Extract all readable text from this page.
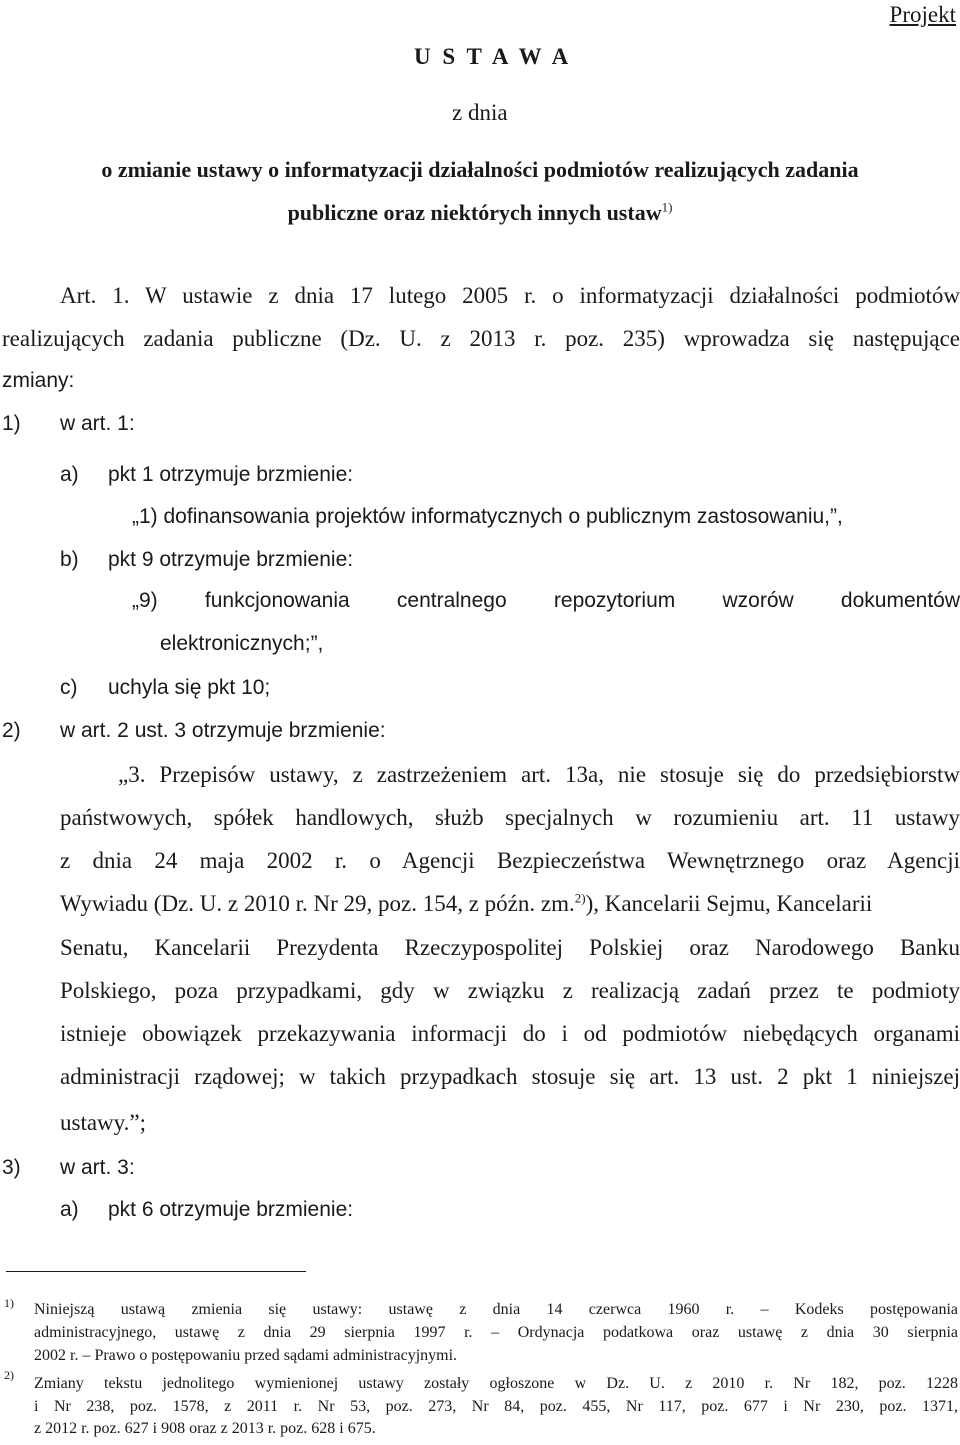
Projekt
U S T A W A
z dnia
o zmianie ustawy o informatyzacji działalności podmiotów realizujących zadania
publiczne oraz niektórych innych ustaw$^{1)}$
Art. 1. W ustawie z dnia 17 lutego 2005 r. o informatyzacji działalności podmiotów
realizujących zadania publiczne (Dz. U. z 2013 r. poz. 235) wprowadza się następujące
zmiany:
1) w art. 1:
a) pkt 1 otrzymuje brzmienie:
„1) dofinansowania projektów informatycznych o publicznym zastosowaniu,”,
b) pkt 9 otrzymuje brzmienie:
„9) funkcjonowania centralnego repozytorium wzorów dokumentów
elektronicznych;”,
c) uchyla się pkt 10;
2) w art. 2 ust. 3 otrzymuje brzmienie:
„3. Przepisów ustawy, z zastrzeżeniem art. 13a, nie stosuje się do przedsiębiorstw
państwowych, spółek handlowych, służb specjalnych w rozumieniu art. 11 ustawy
z dnia 24 maja 2002 r. o Agencji Bezpieczeństwa Wewnętrznego oraz Agencji
Wywiadu (Dz. U. z 2010 r. Nr 29, poz. 154, z późn. zm.$^{2)}$), Kancelarii Sejmu, Kancelarii
Senatu, Kancelarii Prezydenta Rzeczypospolitej Polskiej oraz Narodowego Banku
Polskiego, poza przypadkami, gdy w związku z realizacją zadań przez te podmioty
istnieje obowiązek przekazywania informacji do i od podmiotów niebędących organami
administracji rządowej; w takich przypadkach stosuje się art. 13 ust. 2 pkt 1 niniejszej
ustawy.”;
3) w art. 3:
a) pkt 6 otrzymuje brzmienie:
1) Niniejszą ustawą zmienia się ustawy: ustawę z dnia 14 czerwca 1960 r. – Kodeks postępowania
administracyjnego, ustawę z dnia 29 sierpnia 1997 r. – Ordynacja podatkowa oraz ustawę z dnia 30 sierpnia
2002 r. – Prawo o postępowaniu przed sądami administracyjnymi.
2) Zmiany tekstu jednolitego wymienionej ustawy zostały ogłoszone w Dz. U. z 2010 r. Nr 182, poz. 1228
i Nr 238, poz. 1578, z 2011 r. Nr 53, poz. 273, Nr 84, poz. 455, Nr 117, poz. 677 i Nr 230, poz. 1371,
z 2012 r. poz. 627 i 908 oraz z 2013 r. poz. 628 i 675.
